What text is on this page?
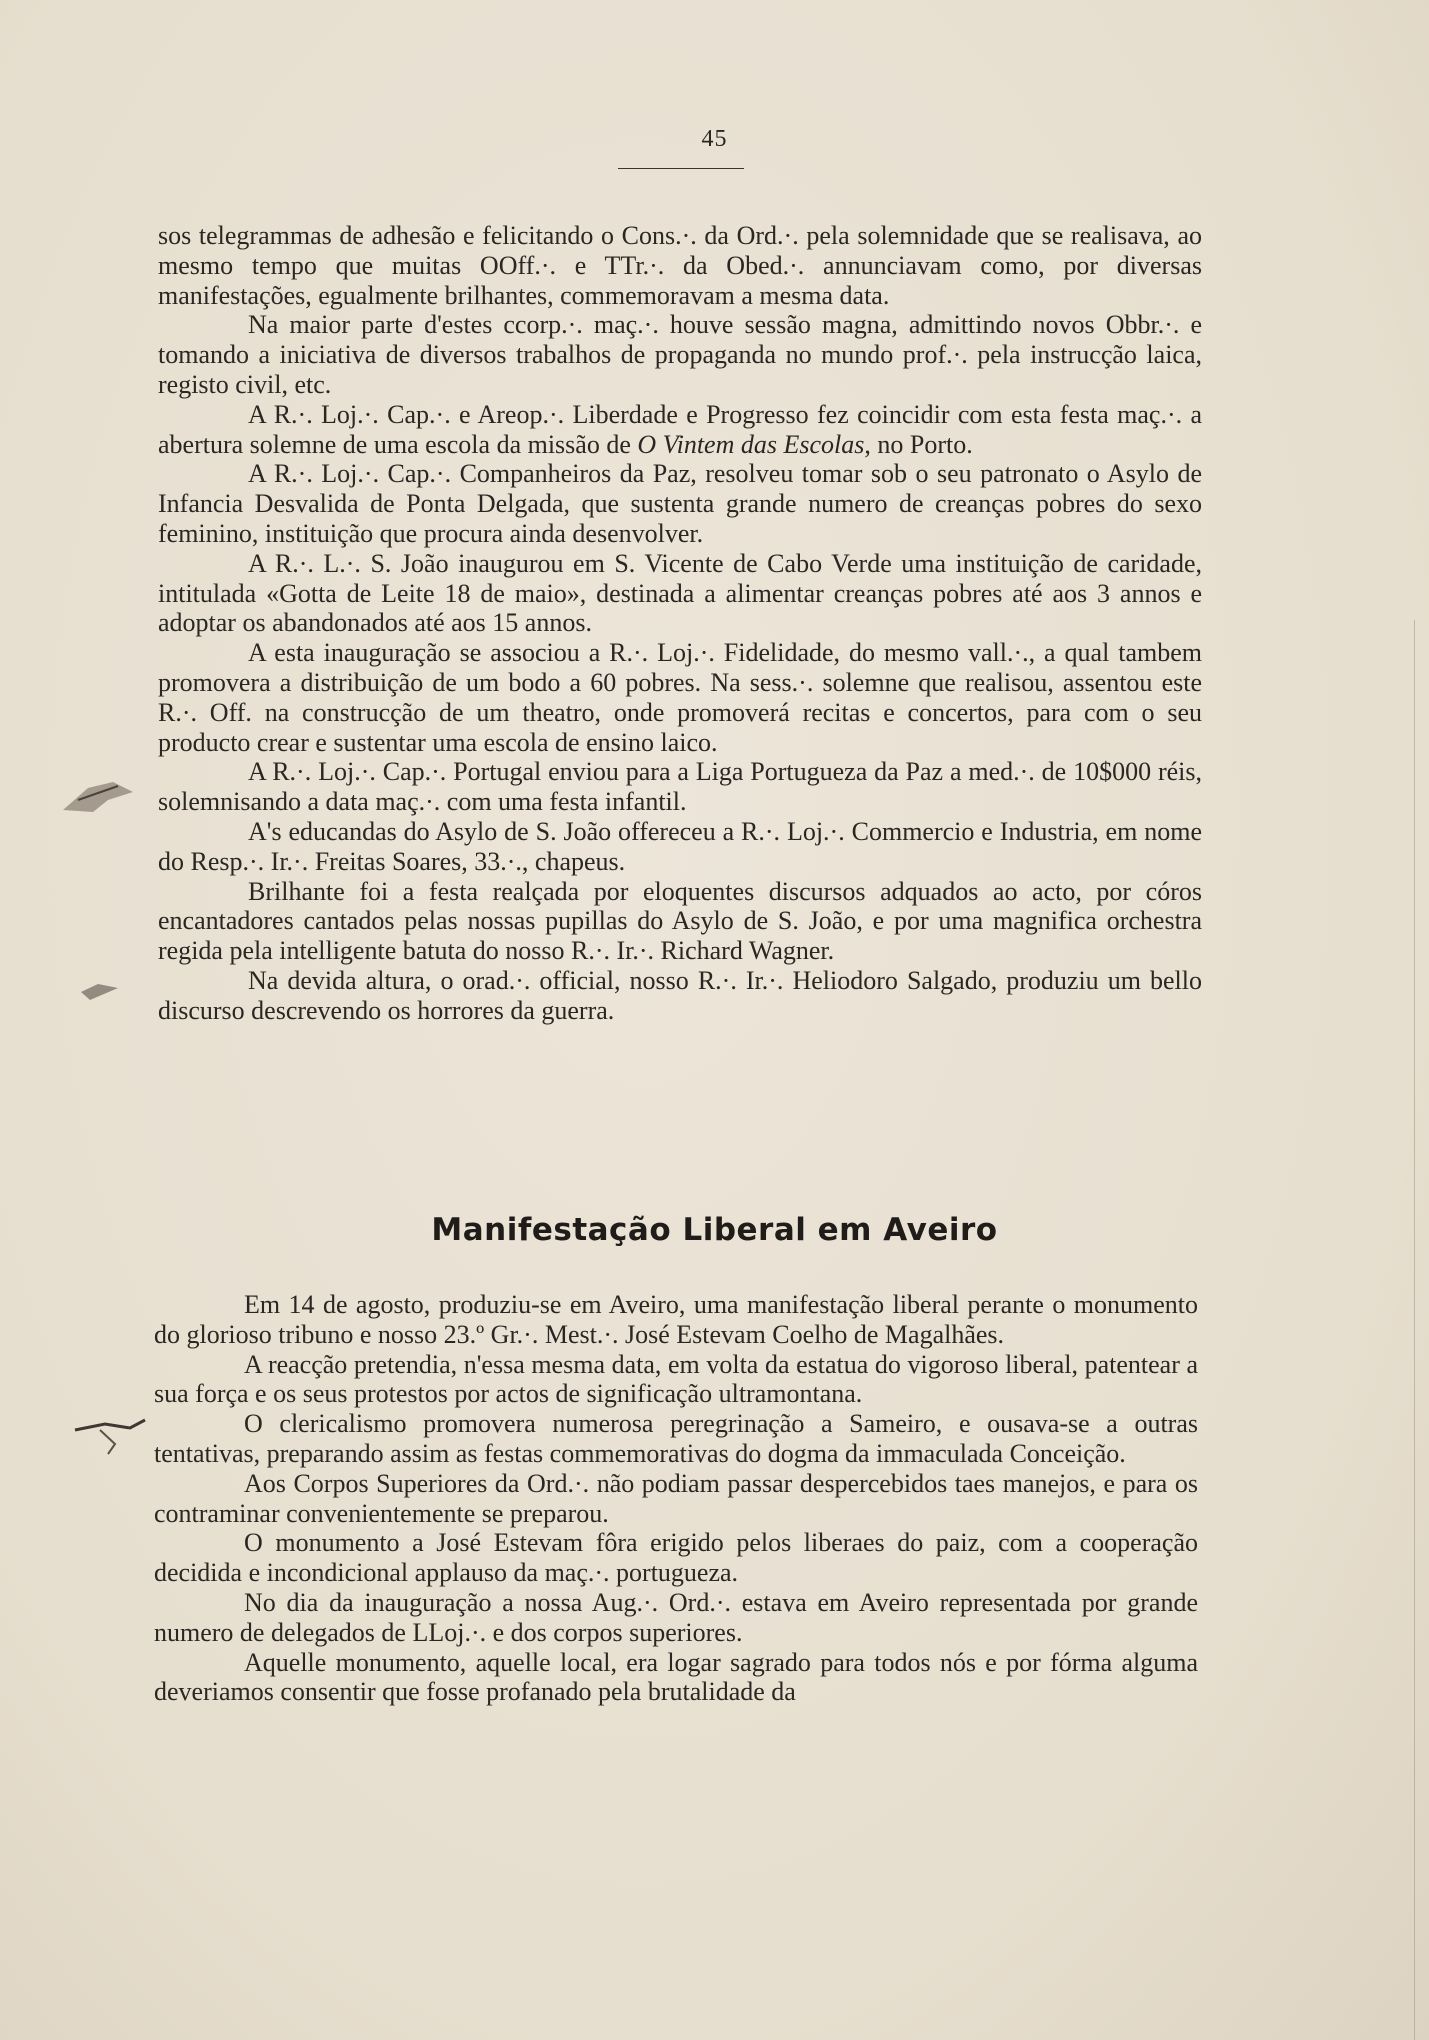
45

sos telegrammas de adhesão e felicitando o Cons.·. da Ord.·. pela solemnidade que se realisava, ao mesmo tempo que muitas OOff.·. e TTr.·. da Obed.·. annunciavam como, por diversas manifestações, egualmente brilhantes, commemoravam a mesma data.

Na maior parte d'estes ccorp.·. maç.·. houve sessão magna, admittindo novos Obbr.·. e tomando a iniciativa de diversos trabalhos de propaganda no mundo prof.·. pela instrucção laica, registo civil, etc.

A R.·. Loj.·. Cap.·. e Areop.·. Liberdade e Progresso fez coincidir com esta festa maç.·. a abertura solemne de uma escola da missão de O Vintem das Escolas, no Porto.

A R.·. Loj.·. Cap.·. Companheiros da Paz, resolveu tomar sob o seu patronato o Asylo de Infancia Desvalida de Ponta Delgada, que sustenta grande numero de creanças pobres do sexo feminino, instituição que procura ainda desenvolver.

A R.·. L.·. S. João inaugurou em S. Vicente de Cabo Verde uma instituição de caridade, intitulada «Gotta de Leite 18 de maio», destinada a alimentar creanças pobres até aos 3 annos e adoptar os abandonados até aos 15 annos.

A esta inauguração se associou a R.·. Loj.·. Fidelidade, do mesmo vall.·., a qual tambem promovera a distribuição de um bodo a 60 pobres. Na sess.·. solemne que realisou, assentou este R.·. Off. na construcção de um theatro, onde promoverá recitas e concertos, para com o seu producto crear e sustentar uma escola de ensino laico.

A R.·. Loj.·. Cap.·. Portugal enviou para a Liga Portugueza da Paz a med.·. de 10$000 réis, solemnisando a data maç.·. com uma festa infantil.

A's educandas do Asylo de S. João offereceu a R.·. Loj.·. Commercio e Industria, em nome do Resp.·. Ir.·. Freitas Soares, 33.·., chapeus.

Brilhante foi a festa realçada por eloquentes discursos adquados ao acto, por córos encantadores cantados pelas nossas pupillas do Asylo de S. João, e por uma magnifica orchestra regida pela intelligente batuta do nosso R.·. Ir.·. Richard Wagner.

Na devida altura, o orad.·. official, nosso R.·. Ir.·. Heliodoro Salgado, produziu um bello discurso descrevendo os horrores da guerra.

Manifestação Liberal em Aveiro

Em 14 de agosto, produziu-se em Aveiro, uma manifestação liberal perante o monumento do glorioso tribuno e nosso 23.º Gr.·. Mest.·. José Estevam Coelho de Magalhães.

A reacção pretendia, n'essa mesma data, em volta da estatua do vigoroso liberal, patentear a sua força e os seus protestos por actos de significação ultramontana.

O clericalismo promovera numerosa peregrinação a Sameiro, e ousava-se a outras tentativas, preparando assim as festas commemorativas do dogma da immaculada Conceição.

Aos Corpos Superiores da Ord.·. não podiam passar despercebidos taes manejos, e para os contraminar convenientemente se preparou.

O monumento a José Estevam fôra erigido pelos liberaes do paiz, com a cooperação decidida e incondicional applauso da maç.·. portugueza.

No dia da inauguração a nossa Aug.·. Ord.·. estava em Aveiro representada por grande numero de delegados de LLoj.·. e dos corpos superiores.

Aquelle monumento, aquelle local, era logar sagrado para todos nós e por fórma alguma deveriamos consentir que fosse profanado pela brutalidade da
